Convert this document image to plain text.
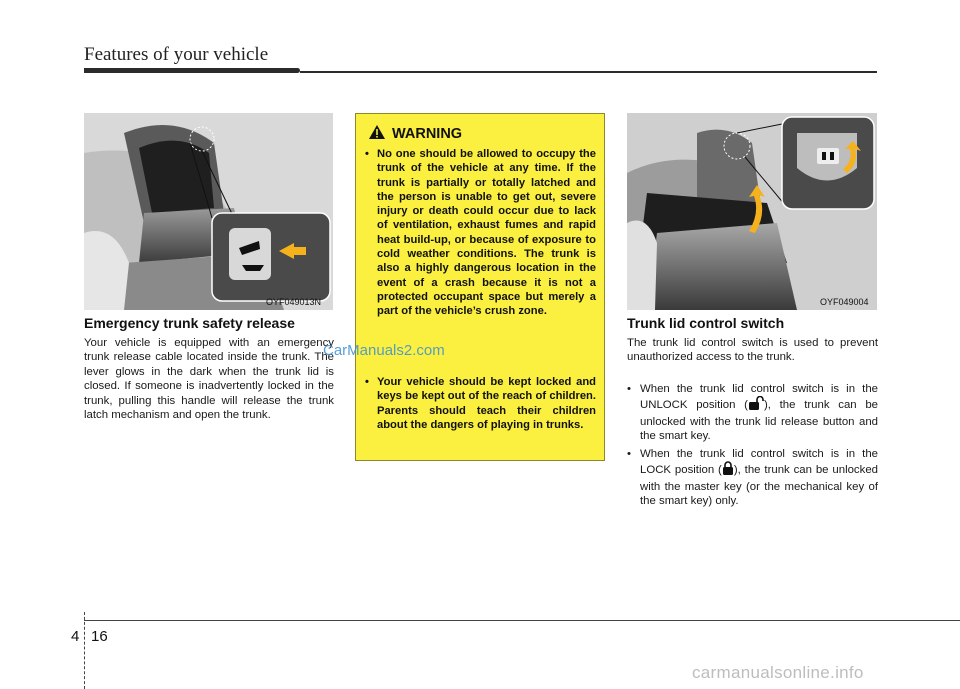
Features of your vehicle
OYF049013N
Emergency trunk safety release
Your vehicle is equipped with an emergency trunk release cable located inside the trunk. The lever glows in the dark when the trunk lid is closed. If someone is inadvertently locked in the trunk, pulling this handle will release the trunk latch mechanism and open the trunk.
WARNING
• No one should be allowed to occupy the trunk of the vehicle at any time. If the trunk is partially or totally latched and the person is unable to get out, severe injury or death could occur due to lack of ventilation, exhaust fumes and rapid heat build-up, or because of exposure to cold weather conditions. The trunk is also a highly dangerous location in the event of a crash because it is not a protected occupant space but merely a part of the vehicle’s crush zone.
• Your vehicle should be kept locked and keys be kept out of the reach of children. Parents should teach their children about the dangers of playing in trunks.
CarManuals2.com
OYF049004
Trunk lid control switch
The trunk lid control switch is used to prevent unauthorized access to the trunk.
• When the trunk lid control switch is in the UNLOCK position ( ), the trunk can be unlocked with the trunk lid release button and the smart key.
• When the trunk lid control switch is in the LOCK position ( ), the trunk can be unlocked with the master key (or the mechanical key of the smart key) only.
4 16
carmanualsonline.info
